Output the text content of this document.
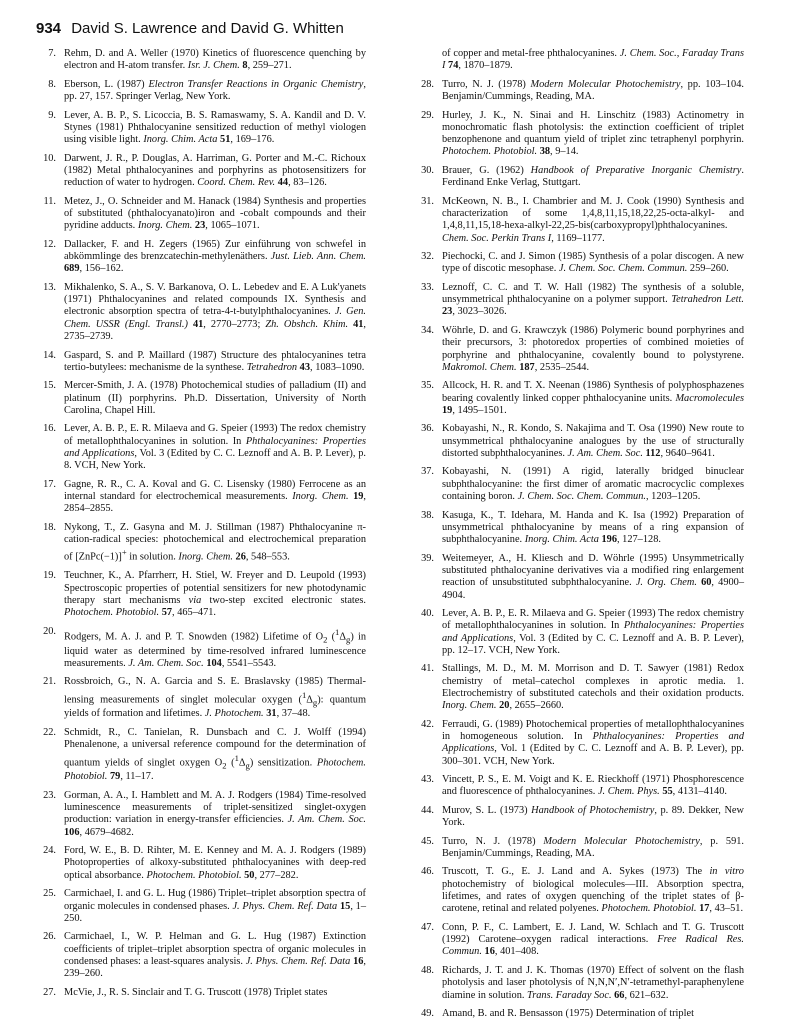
934 David S. Lawrence and David G. Whitten
7. Rehm, D. and A. Weller (1970) Kinetics of fluorescence quenching by electron and H-atom transfer. Isr. J. Chem. 8, 259–271.
8. Eberson, L. (1987) Electron Transfer Reactions in Organic Chemistry, pp. 27, 157. Springer Verlag, New York.
9. Lever, A. B. P., S. Licoccia, B. S. Ramaswamy, S. A. Kandil and D. V. Stynes (1981) Phthalocyanine sensitized reduction of methyl viologen using visible light. Inorg. Chim. Acta 51, 169–176.
10. Darwent, J. R., P. Douglas, A. Harriman, G. Porter and M.-C. Richoux (1982) Metal phthalocyanines and porphyrins as photosensitizers for reduction of water to hydrogen. Coord. Chem. Rev. 44, 83–126.
11. Metez, J., O. Schneider and M. Hanack (1984) Synthesis and properties of substituted (phthalocyanato)iron and -cobalt compounds and their pyridine adducts. Inorg. Chem. 23, 1065–1071.
12. Dallacker, F. and H. Zegers (1965) Zur einführung von schwefel in abkömmlinge des brenzcatechin-methylenäthers. Just. Lieb. Ann. Chem. 689, 156–162.
13. Mikhalenko, S. A., S. V. Barkanova, O. L. Lebedev and E. A Luk'yanets (1971) Phthalocyanines and related compounds IX. Synthesis and electronic absorption spectra of tetra-4-t-butylphthalocyanines. J. Gen. Chem. USSR (Engl. Transl.) 41, 2770–2773; Zh. Obshch. Khim. 41, 2735–2739.
14. Gaspard, S. and P. Maillard (1987) Structure des phtalocyanines tetra tertio-butylees: mechanisme de la synthese. Tetrahedron 43, 1083–1090.
15. Mercer-Smith, J. A. (1978) Photochemical studies of palladium (II) and platinum (II) porphyrins. Ph.D. Dissertation, University of North Carolina, Chapel Hill.
16. Lever, A. B. P., E. R. Milaeva and G. Speier (1993) The redox chemistry of metallophthalocyanines in solution. In Phthalocyanines: Properties and Applications, Vol. 3 (Edited by C. C. Leznoff and A. B. P. Lever), p. 8. VCH, New York.
17. Gagne, R. R., C. A. Koval and G. C. Lisensky (1980) Ferrocene as an internal standard for electrochemical measurements. Inorg. Chem. 19, 2854–2855.
18. Nykong, T., Z. Gasyna and M. J. Stillman (1987) Phthalocyanine π-cation-radical species: photochemical and electrochemical preparation of [ZnPc(−1)]+ in solution. Inorg. Chem. 26, 548–553.
19. Teuchner, K., A. Pfarrherr, H. Stiel, W. Freyer and D. Leupold (1993) Spectroscopic properties of potential sensitizers for new photodynamic therapy start mechanisms via two-step excited electronic states. Photochem. Photobiol. 57, 465–471.
20. Rodgers, M. A. J. and P. T. Snowden (1982) Lifetime of $O_2$ $(^1\Delta_g)$ in liquid water as determined by time-resolved infrared luminescence measurements. J. Am. Chem. Soc. 104, 5541–5543.
21. Rossbroich, G., N. A. Garcia and S. E. Braslavsky (1985) Thermal-lensing measurements of singlet molecular oxygen $(^1\Delta_g)$: quantum yields of formation and lifetimes. J. Photochem. 31, 37–48.
22. Schmidt, R., C. Tanielan, R. Dunsbach and C. J. Wolff (1994) Phenalenone, a universal reference compound for the determination of quantum yields of singlet oxygen $O_2$ $(^1\Delta_g)$ sensitization. Photochem. Photobiol. 79, 11–17.
23. Gorman, A. A., I. Hamblett and M. A. J. Rodgers (1984) Time-resolved luminescence measurements of triplet-sensitized singlet-oxygen production: variation in energy-transfer efficiencies. J. Am. Chem. Soc. 106, 4679–4682.
24. Ford, W. E., B. D. Rihter, M. E. Kenney and M. A. J. Rodgers (1989) Photoproperties of alkoxy-substituted phthalocyanines with deep-red optical absorbance. Photochem. Photobiol. 50, 277–282.
25. Carmichael, I. and G. L. Hug (1986) Triplet–triplet absorption spectra of organic molecules in condensed phases. J. Phys. Chem. Ref. Data 15, 1–250.
26. Carmichael, I., W. P. Helman and G. L. Hug (1987) Extinction coefficients of triplet–triplet absorption spectra of organic molecules in condensed phases: a least-squares analysis. J. Phys. Chem. Ref. Data 16, 239–260.
27. McVie, J., R. S. Sinclair and T. G. Truscott (1978) Triplet states
of copper and metal-free phthalocyanines. J. Chem. Soc., Faraday Trans I 74, 1870–1879.
28. Turro, N. J. (1978) Modern Molecular Photochemistry, pp. 103–104. Benjamin/Cummings, Reading, MA.
29. Hurley, J. K., N. Sinai and H. Linschitz (1983) Actinometry in monochromatic flash photolysis: the extinction coefficient of triplet benzophenone and quantum yield of triplet zinc tetraphenyl porphyrin. Photochem. Photobiol. 38, 9–14.
30. Brauer, G. (1962) Handbook of Preparative Inorganic Chemistry. Ferdinand Enke Verlag, Stuttgart.
31. McKeown, N. B., I. Chambrier and M. J. Cook (1990) Synthesis and characterization of some 1,4,8,11,15,18,22,25-octa-alkyl- and 1,4,8,11,15,18-hexa-alkyl-22,25-bis(carboxypropyl)phthalocyanines. Chem. Soc. Perkin Trans I, 1169–1177.
32. Piechocki, C. and J. Simon (1985) Synthesis of a polar discogen. A new type of discotic mesophase. J. Chem. Soc. Chem. Commun. 259–260.
33. Leznoff, C. C. and T. W. Hall (1982) The synthesis of a soluble, unsymmetrical phthalocyanine on a polymer support. Tetrahedron Lett. 23, 3023–3026.
34. Wöhrle, D. and G. Krawczyk (1986) Polymeric bound porphyrines and their precursors, 3: photoredox properties of combined moieties of porphyrine and phthalocyanine, covalently bound to polystyrene. Makromol. Chem. 187, 2535–2544.
35. Allcock, H. R. and T. X. Neenan (1986) Synthesis of polyphosphazenes bearing covalently linked copper phthalocyanine units. Macromolecules 19, 1495–1501.
36. Kobayashi, N., R. Kondo, S. Nakajima and T. Osa (1990) New route to unsymmetrical phthalocyanine analogues by the use of structurally distorted subphthalocyanines. J. Am. Chem. Soc. 112, 9640–9641.
37. Kobayashi, N. (1991) A rigid, laterally bridged binuclear subphthalocyanine: the first dimer of aromatic macrocyclic complexes containing boron. J. Chem. Soc. Chem. Commun., 1203–1205.
38. Kasuga, K., T. Idehara, M. Handa and K. Isa (1992) Preparation of unsymmetrical phthalocyanine by means of a ring expansion of subphthalocyanine. Inorg. Chim. Acta 196, 127–128.
39. Weitemeyer, A., H. Kliesch and D. Wöhrle (1995) Unsymmetrically substituted phthalocyanine derivatives via a modified ring enlargement reaction of unsubstituted subphthalocyanine. J. Org. Chem. 60, 4900–4904.
40. Lever, A. B. P., E. R. Milaeva and G. Speier (1993) The redox chemistry of metallophthalocyanines in solution. In Phthalocyanines: Properties and Applications, Vol. 3 (Edited by C. C. Leznoff and A. B. P. Lever), pp. 12–17. VCH, New York.
41. Stallings, M. D., M. M. Morrison and D. T. Sawyer (1981) Redox chemistry of metal–catechol complexes in aprotic media. 1. Electrochemistry of substituted catechols and their oxidation products. Inorg. Chem. 20, 2655–2660.
42. Ferraudi, G. (1989) Photochemical properties of metallophthalocyanines in homogeneous solution. In Phthalocyanines: Properties and Applications, Vol. 1 (Edited by C. C. Leznoff and A. B. P. Lever), pp. 300–301. VCH, New York.
43. Vincett, P. S., E. M. Voigt and K. E. Rieckhoff (1971) Phosphorescence and fluorescence of phthalocyanines. J. Chem. Phys. 55, 4131–4140.
44. Murov, S. L. (1973) Handbook of Photochemistry, p. 89. Dekker, New York.
45. Turro, N. J. (1978) Modern Molecular Photochemistry, p. 591. Benjamin/Cummings, Reading, MA.
46. Truscott, T. G., E. J. Land and A. Sykes (1973) The in vitro photochemistry of biological molecules—III. Absorption spectra, lifetimes, and rates of oxygen quenching of the triplet states of β-carotene, retinal and related polyenes. Photochem. Photobiol. 17, 43–51.
47. Conn, P. F., C. Lambert, E. J. Land, W. Schlach and T. G. Truscott (1992) Carotene–oxygen radical interactions. Free Radical Res. Commun. 16, 401–408.
48. Richards, J. T. and J. K. Thomas (1970) Effect of solvent on the flash photolysis and laser photolysis of N,N,N′,N′-tetramethyl-paraphenylene diamine in solution. Trans. Faraday Soc. 66, 621–632.
49. Amand, B. and R. Bensasson (1975) Determination of triplet
